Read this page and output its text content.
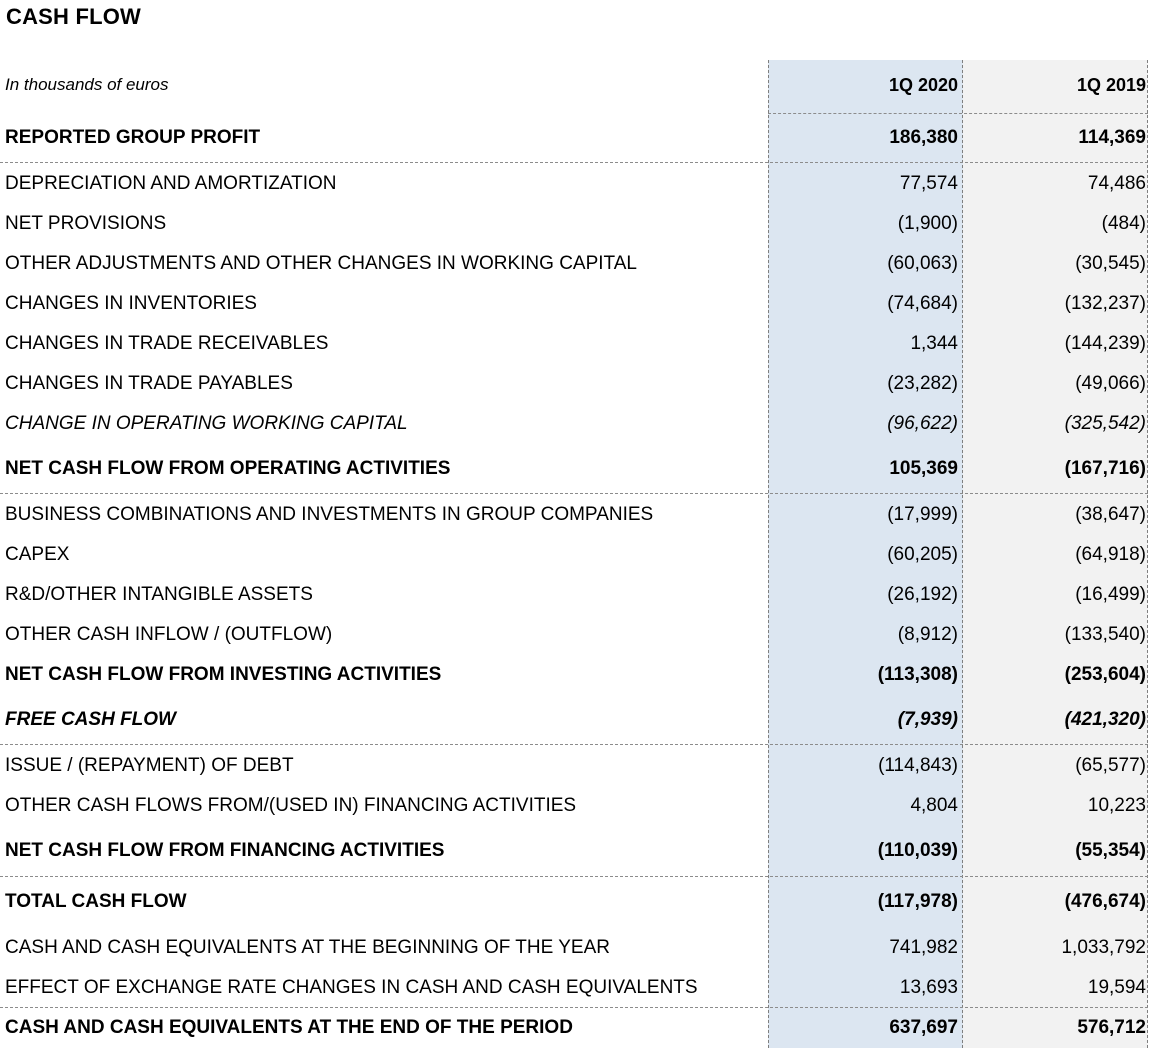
CASH FLOW
In thousands of euros	1Q 2020	1Q 2019
REPORTED GROUP PROFIT	186,380	114,369
DEPRECIATION AND AMORTIZATION	77,574	74,486
NET PROVISIONS	(1,900)	(484)
OTHER ADJUSTMENTS AND OTHER CHANGES IN WORKING CAPITAL	(60,063)	(30,545)
CHANGES IN INVENTORIES	(74,684)	(132,237)
CHANGES IN TRADE RECEIVABLES	1,344	(144,239)
CHANGES IN TRADE PAYABLES	(23,282)	(49,066)
CHANGE IN OPERATING WORKING CAPITAL	(96,622)	(325,542)
NET CASH FLOW FROM OPERATING ACTIVITIES	105,369	(167,716)
BUSINESS COMBINATIONS AND INVESTMENTS IN GROUP COMPANIES	(17,999)	(38,647)
CAPEX	(60,205)	(64,918)
R&D/OTHER INTANGIBLE ASSETS	(26,192)	(16,499)
OTHER CASH INFLOW / (OUTFLOW)	(8,912)	(133,540)
NET CASH FLOW FROM INVESTING ACTIVITIES	(113,308)	(253,604)
FREE CASH FLOW	(7,939)	(421,320)
ISSUE / (REPAYMENT) OF DEBT	(114,843)	(65,577)
OTHER CASH FLOWS FROM/(USED IN) FINANCING ACTIVITIES	4,804	10,223
NET CASH FLOW FROM FINANCING ACTIVITIES	(110,039)	(55,354)
TOTAL CASH FLOW	(117,978)	(476,674)
CASH AND CASH EQUIVALENTS AT THE BEGINNING OF THE YEAR	741,982	1,033,792
EFFECT OF EXCHANGE RATE CHANGES IN CASH AND CASH EQUIVALENTS	13,693	19,594
CASH AND CASH EQUIVALENTS AT THE END OF THE PERIOD	637,697	576,712
